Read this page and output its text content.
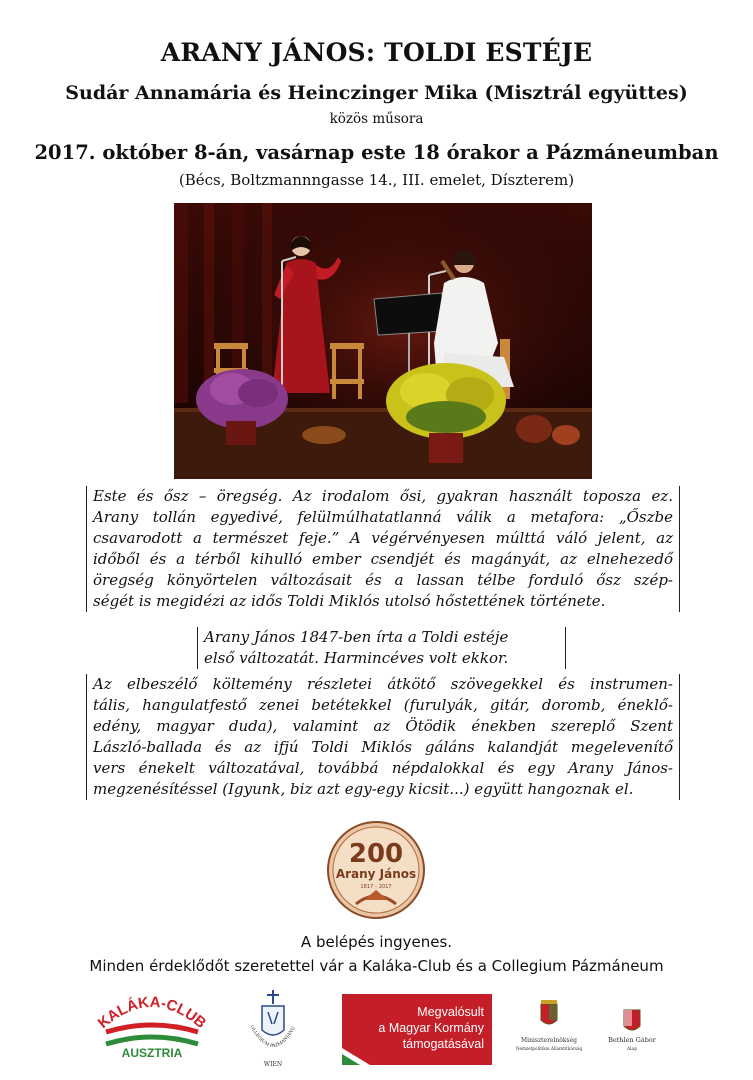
ARANY JÁNOS: TOLDI ESTÉJE
Sudár Annamária és Heinczinger Mika (Misztrál együttes)
közös műsora
2017. október 8-án, vasárnap este 18 órakor a Pázmáneumban
(Bécs, Boltzmannngasse 14., III. emelet, Díszterem)
Este és ősz – öregség. Az irodalom ősi, gyakran használt toposza ez.
Arany tollán egyedivé, felülmúlhatatlanná válik a metafora: „Őszbe
csavarodott a természet feje.” A végérvényesen múlttá váló jelent, az
időből és a térből kihulló ember csendjét és magányát, az elnehezedő
öregség könyörtelen változásait és a lassan télbe forduló ősz szép-
ségét is megidézi az idős Toldi Miklós utolsó hőstettének története.
Arany János 1847-ben írta a Toldi estéje
első változatát. Harmincéves volt ekkor.
Az elbeszélő költemény részletei átkötő szövegekkel és instrumen-
tális, hangulatfestő zenei betétekkel (furulyák, gitár, doromb, éneklő-
edény, magyar duda), valamint az Ötödik énekben szereplő Szent
László-ballada és az ifjú Toldi Miklós gáláns kalandját megelevenítő
vers énekelt változatával, továbbá népdalokkal és egy Arany János-
megzenésítéssel (Igyunk, biz azt egy-egy kicsit...) együtt hangoznak el.
200
Arany János
1817 – 2017
A belépés ingyenes.
Minden érdeklődőt szeretettel vár a Kaláka-Club és a Collegium Pázmáneum
KALÁKA-CLUB
AUSZTRIA
OLLEGIUM PAZMANIANU
WIEN
Megvalósult
a Magyar Kormány
támogatásával	Miniszterelnökség
Nemzetpolitikai Államtitkárság
Bethlen Gábor
Alap
